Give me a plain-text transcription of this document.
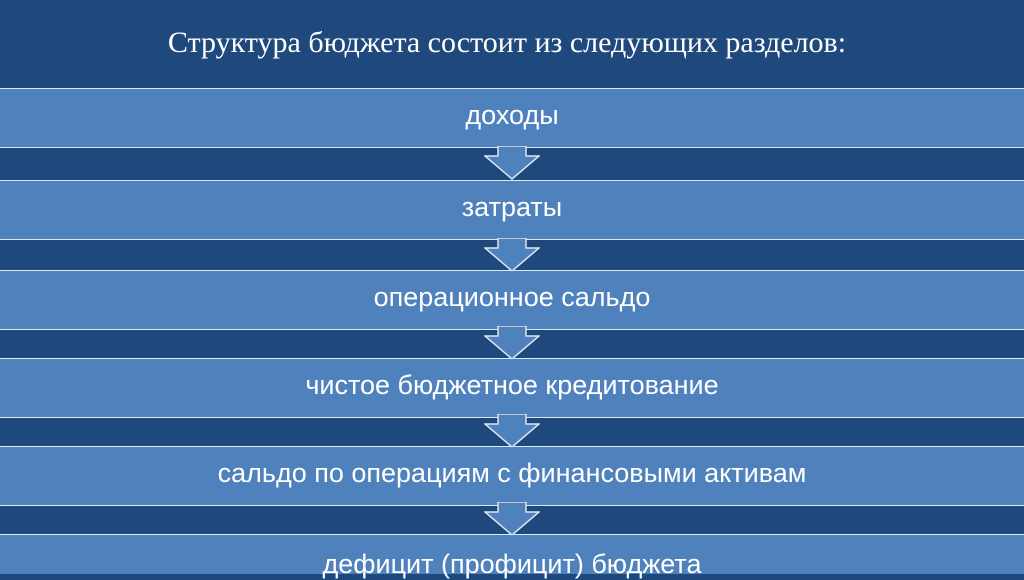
Структура бюджета состоит из следующих разделов:
доходы
затраты
операционное сальдо
чистое бюджетное кредитование
сальдо по операциям с финансовыми активам
дефицит (профицит) бюджета
